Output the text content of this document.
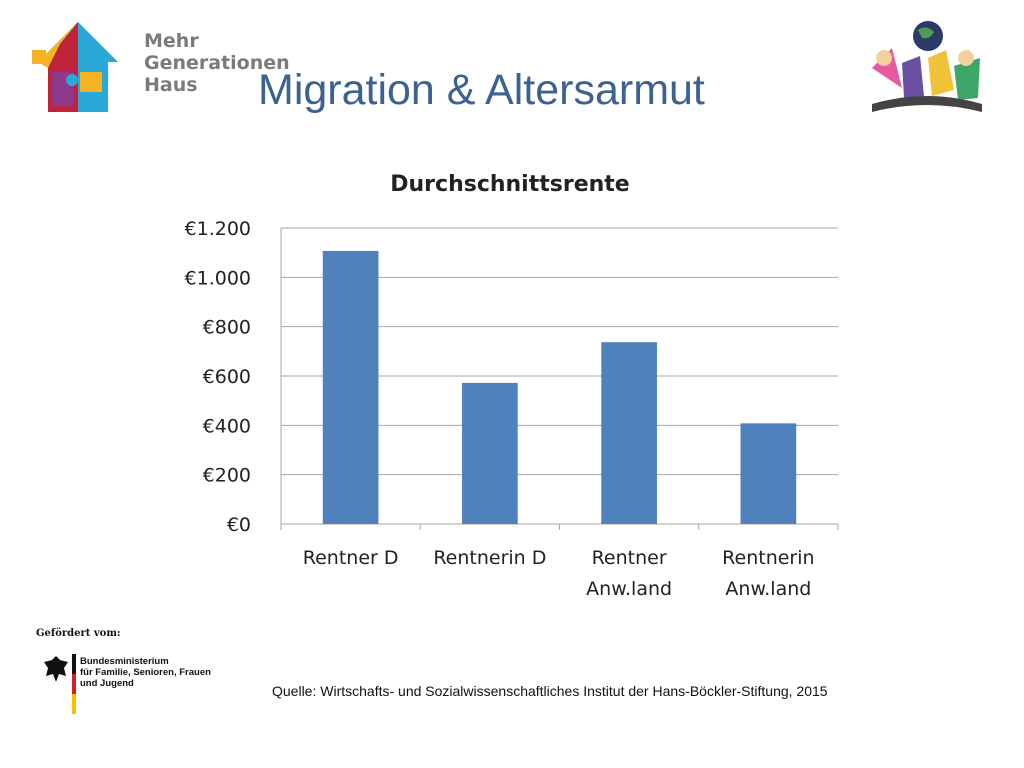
Mehr
Generationen
Haus	Migration & Altersarmut
Durchschnittsrente
€0
€200
€400
€600
€800
€1.000
€1.200
Rentner D Rentnerin D Rentner Anw.land
Rentnerin Anw.land
Gefördert vom:
Bundesministerium
für Familie, Senioren, Frauen
und Jugend	Quelle: Wirtschafts- und Sozialwissenschaftliches Institut der Hans-Böckler-Stiftung, 2015
